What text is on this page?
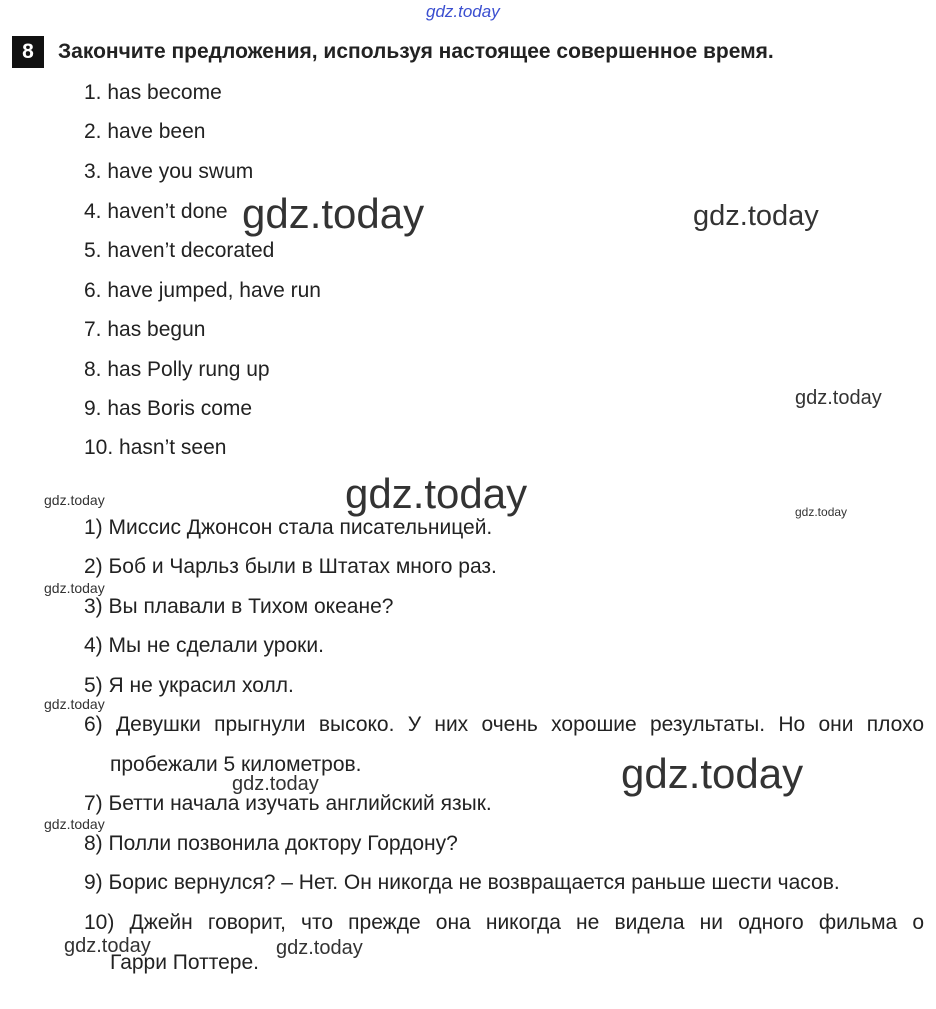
gdz.today
8	Закончите предложения, используя настоящее совершенное время.
1. has become
2. have been
3. have you swum
4. haven’t done
5. haven’t decorated
6. have jumped, have run
7. has begun
8. has Polly rung up
9. has Boris come
10. hasn’t seen
1) Миссис Джонсон стала писательницей.
2) Боб и Чарльз были в Штатах много раз.
3) Вы плавали в Тихом океане?
4) Мы не сделали уроки.
5) Я не украсил холл.
6) Девушки прыгнули высоко. У них очень хорошие результаты. Но они плохо
пробежали 5 километров.
7) Бетти начала изучать английский язык.
8) Полли позвонила доктору Гордону?
9) Борис вернулся? – Нет. Он никогда не возвращается раньше шести часов.
10) Джейн говорит, что прежде она никогда не видела ни одного фильма о
Гарри Поттере.
gdz.today	gdz.today
gdz.today
gdz.today
gdz.today
gdz.today
gdz.today
gdz.today
gdz.today
gdz.today
gdz.today
gdz.today	gdz.today
